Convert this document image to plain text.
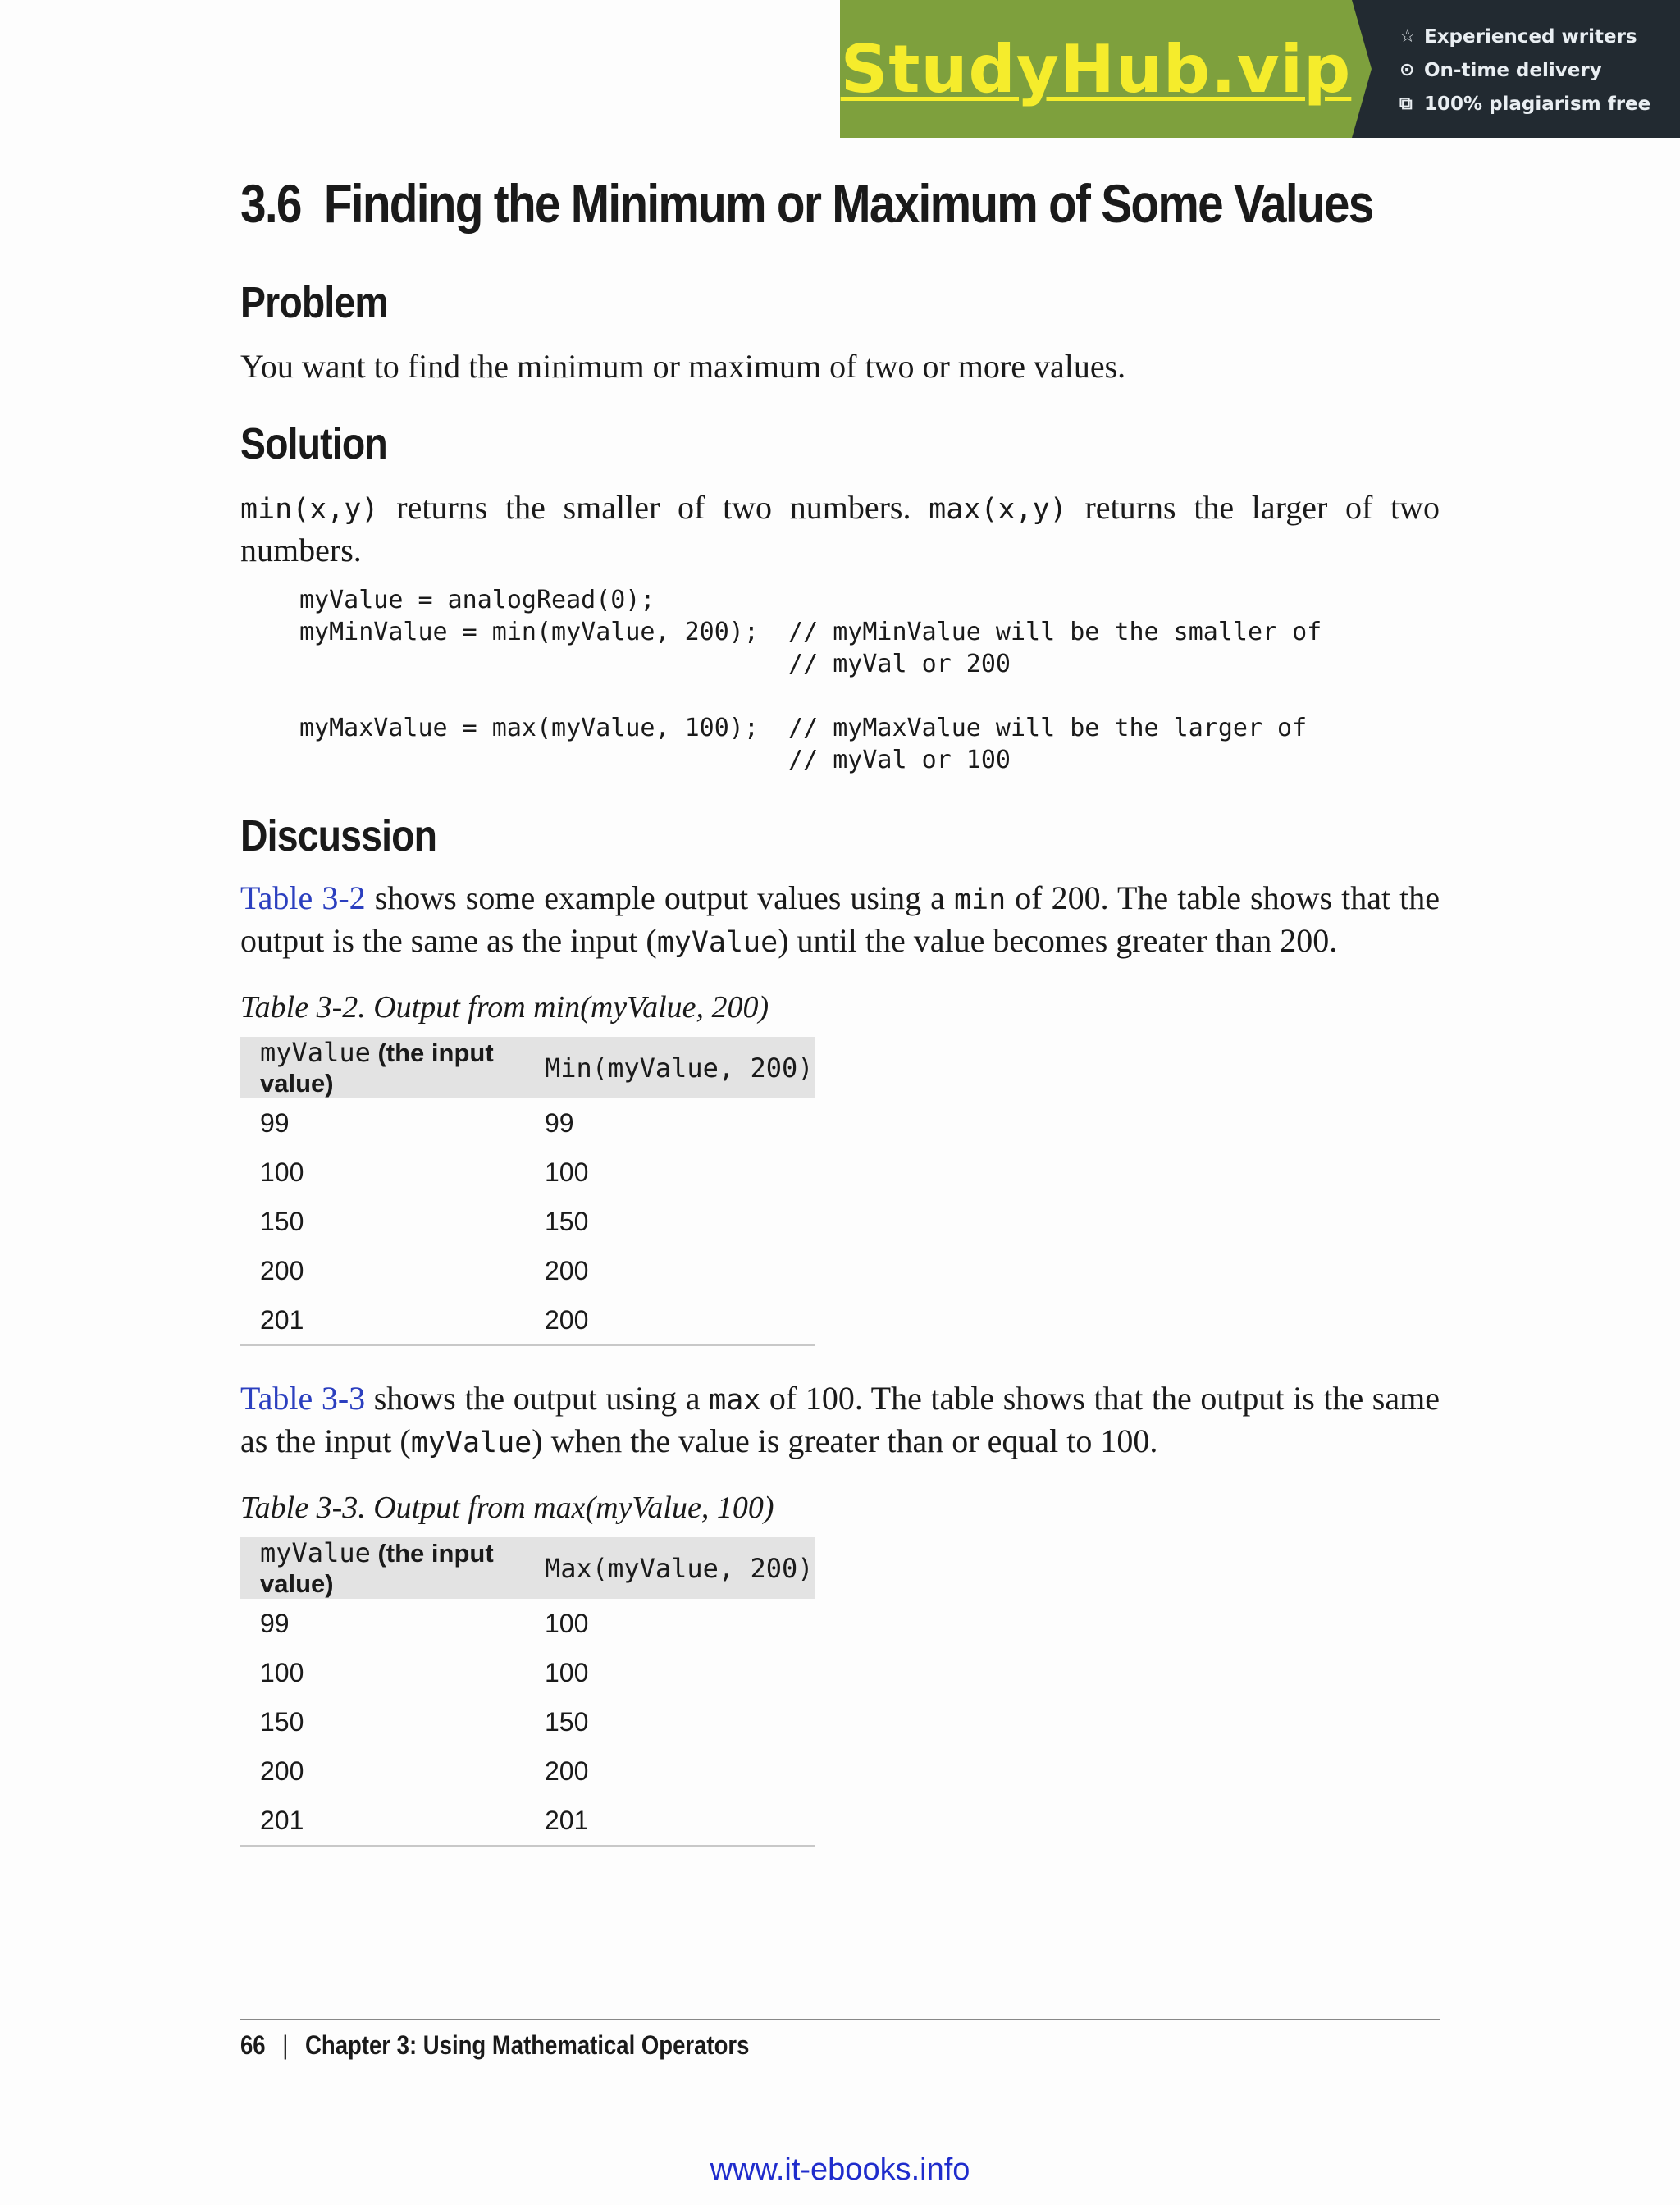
StudyHub.vip	☆ Experienced writers
⊙ On-time delivery
⧉ 100% plagiarism free
3.6 Finding the Minimum or Maximum of Some Values
Problem

You want to find the minimum or maximum of two or more values.

Solution

min(x,y) returns the smaller of two numbers. max(x,y) returns the larger of two numbers.

myValue = analogRead(0);
myMinValue = min(myValue, 200);  // myMinValue will be the smaller of
// myVal or 200

myMaxValue = max(myValue, 100);  // myMaxValue will be the larger of
// myVal or 100
Discussion

Table 3-2 shows some example output values using a min of 200. The table shows that the output is the same as the input (myValue) until the value becomes greater than 200.

Table 3-2. Output from min(myValue, 200)

myValue (the input value)	Min(myValue, 200)
99	99
100	100
150	150
200	200
201	200

Table 3-3 shows the output using a max of 100. The table shows that the output is the same as the input (myValue) when the value is greater than or equal to 100.

Table 3-3. Output from max(myValue, 100)

myValue (the input value)	Max(myValue, 200)
99	100
100	100
150	150
200	200
201	201
66 | Chapter 3: Using Mathematical Operators
www.it-ebooks.info
